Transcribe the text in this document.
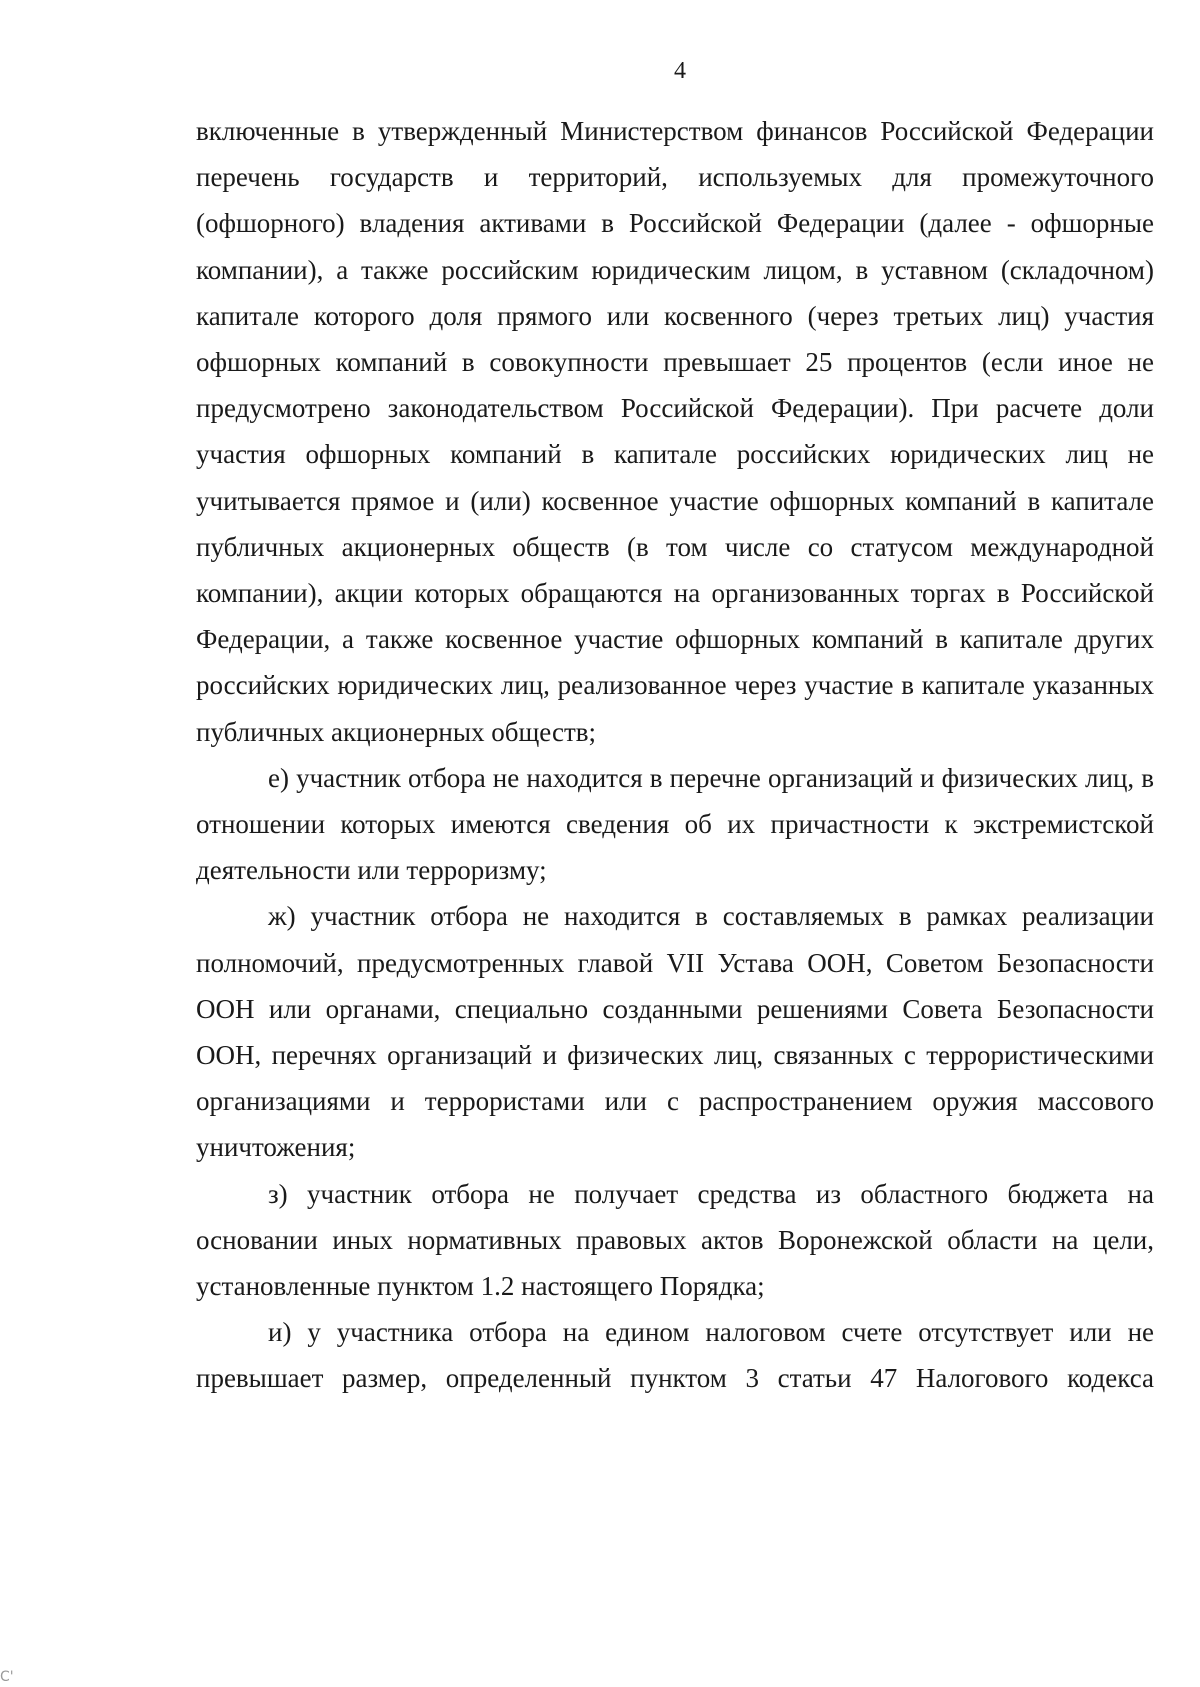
4

включенные в утвержденный Министерством финансов Российской Федерации перечень государств и территорий, используемых для промежуточного (офшорного) владения активами в Российской Федерации (далее - офшорные компании), а также российским юридическим лицом, в уставном (складочном) капитале которого доля прямого или косвенного (через третьих лиц) участия офшорных компаний в совокупности превышает 25 процентов (если иное не предусмотрено законодательством Российской Федерации). При расчете доли участия офшорных компаний в капитале российских юридических лиц не учитывается прямое и (или) косвенное участие офшорных компаний в капитале публичных акционерных обществ (в том числе со статусом международной компании), акции которых обращаются на организованных торгах в Российской Федерации, а также косвенное участие офшорных компаний в капитале других российских юридических лиц, реализованное через участие в капитале указанных публичных акционерных обществ;

е) участник отбора не находится в перечне организаций и физических лиц, в отношении которых имеются сведения об их причастности к экстремистской деятельности или терроризму;

ж) участник отбора не находится в составляемых в рамках реализации полномочий, предусмотренных главой VII Устава ООН, Советом Безопасности ООН или органами, специально созданными решениями Совета Безопасности ООН, перечнях организаций и физических лиц, связанных с террористическими организациями и террористами или с распространением оружия массового уничтожения;

з) участник отбора не получает средства из областного бюджета на основании иных нормативных правовых актов Воронежской области на цели, установленные пунктом 1.2 настоящего Порядка;

и) у участника отбора на едином налоговом счете отсутствует или не превышает размер, определенный пунктом 3 статьи 47 Налогового кодекса

С'
